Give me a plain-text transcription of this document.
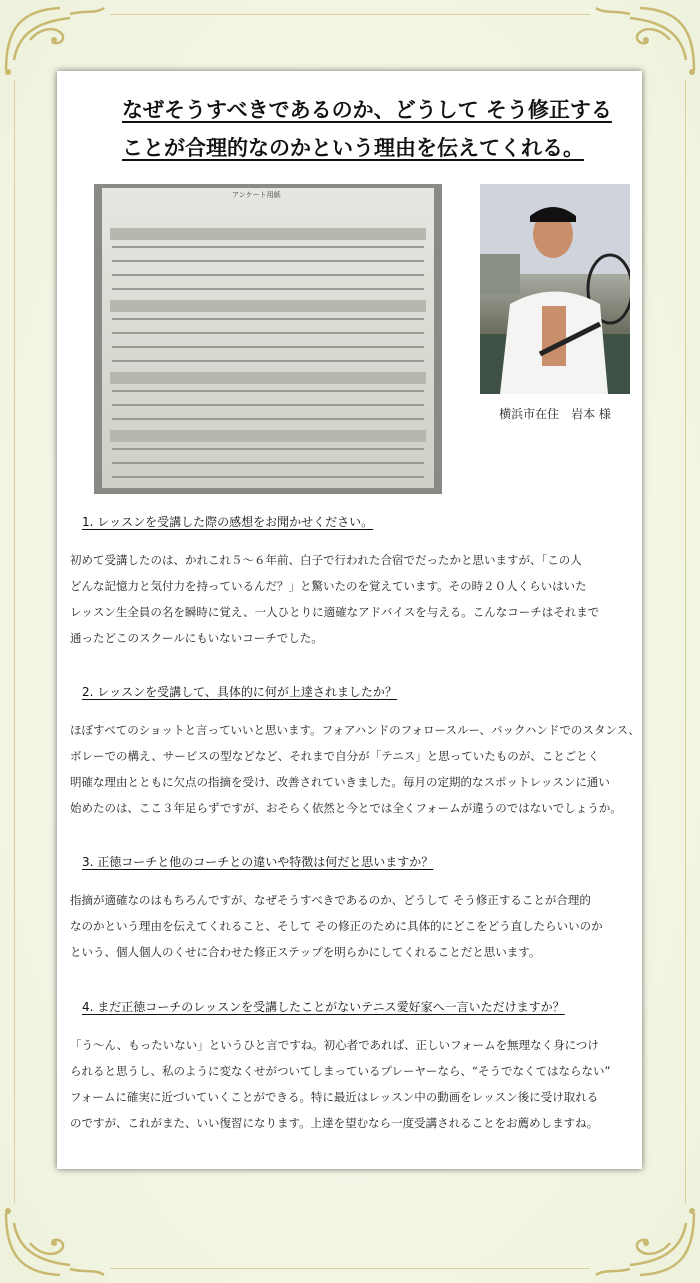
なぜそうすべきであるのか、どうして そう修正する
ことが合理的なのかという理由を伝えてくれる。
アンケート用紙
横浜市在住　岩本 様
1. レッスンを受講した際の感想をお聞かせください。
初めて受講したのは、かれこれ５～６年前、白子で行われた合宿でだったかと思いますが、「この人
どんな記憶力と気付力を持っているんだ？」と驚いたのを覚えています。その時２０人くらいはいた
レッスン生全員の名を瞬時に覚え、一人ひとりに適確なアドバイスを与える。こんなコーチはそれまで
通ったどこのスクールにもいないコーチでした。
2. レッスンを受講して、具体的に何が上達されましたか？
ほぼすべてのショットと言っていいと思います。フォアハンドのフォロースルー、バックハンドでのスタンス、
ボレーでの構え、サービスの型などなど、それまで自分が「テニス」と思っていたものが、ことごとく
明確な理由とともに欠点の指摘を受け、改善されていきました。毎月の定期的なスポットレッスンに通い
始めたのは、ここ３年足らずですが、おそらく依然と今とでは全くフォームが違うのではないでしょうか。
3. 正徳コーチと他のコーチとの違いや特徴は何だと思いますか？
指摘が適確なのはもちろんですが、なぜそうすべきであるのか、どうして そう修正することが合理的
なのかという理由を伝えてくれること、そして その修正のために具体的にどこをどう直したらいいのか
という、個人個人のくせに合わせた修正ステップを明らかにしてくれることだと思います。
4. まだ正徳コーチのレッスンを受講したことがないテニス愛好家へ一言いただけますか？
「う～ん、もったいない」というひと言ですね。初心者であれば、正しいフォームを無理なく身につけ
られると思うし、私のように変なくせがついてしまっているプレーヤーなら、“そうでなくてはならない”
フォームに確実に近づいていくことができる。特に最近はレッスン中の動画をレッスン後に受け取れる
のですが、これがまた、いい復習になります。上達を望むなら一度受講されることをお薦めしますね。
